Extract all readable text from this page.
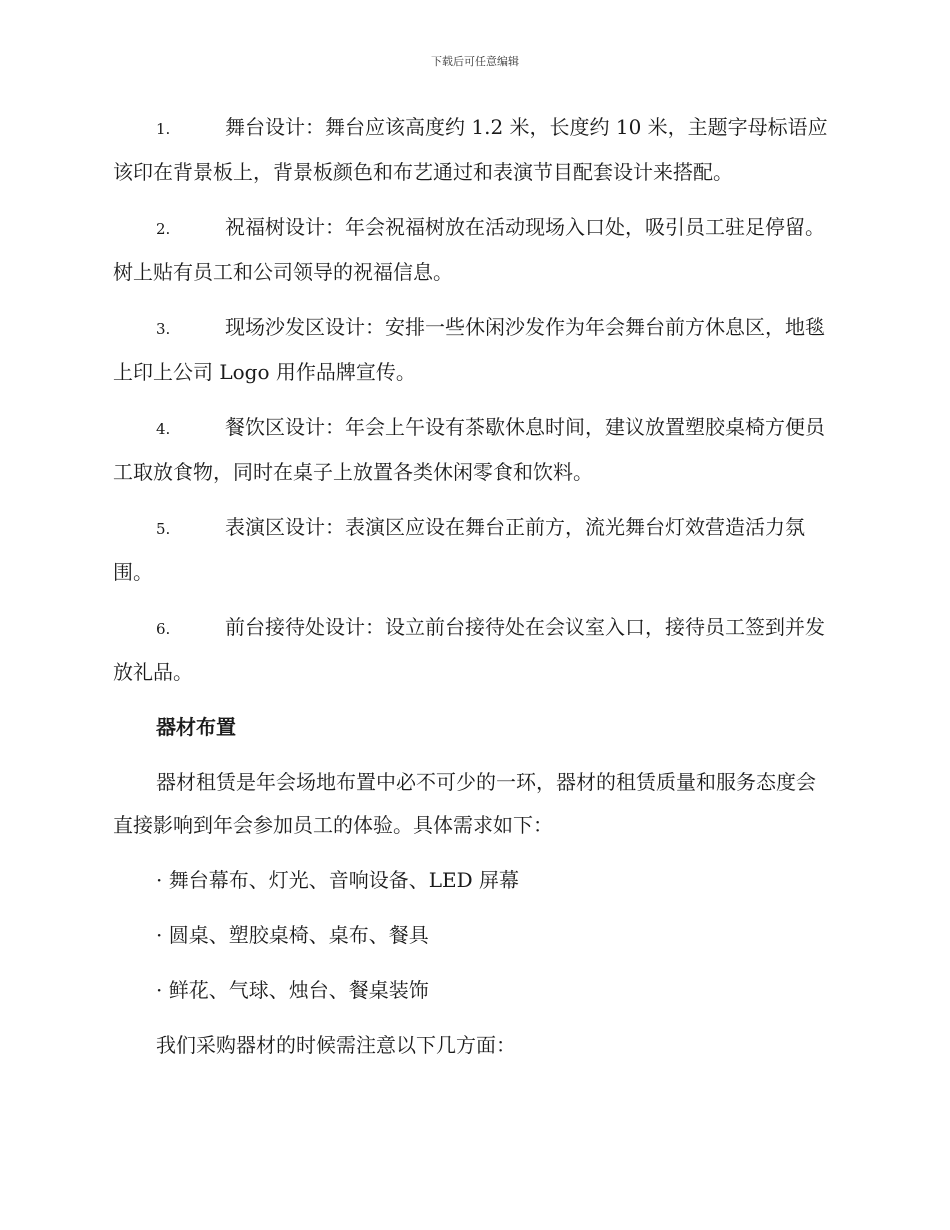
下载后可任意编辑

1.	舞台设计：舞台应该高度约 1.2 米，长度约 10 米，主题字母标语应该印在背景板上，背景板颜色和布艺通过和表演节目配套设计来搭配。

2.	祝福树设计：年会祝福树放在活动现场入口处，吸引员工驻足停留。树上贴有员工和公司领导的祝福信息。

3.	现场沙发区设计：安排一些休闲沙发作为年会舞台前方休息区，地毯上印上公司 Logo 用作品牌宣传。

4.	餐饮区设计：年会上午设有茶歇休息时间，建议放置塑胶桌椅方便员工取放食物，同时在桌子上放置各类休闲零食和饮料。

5.	表演区设计：表演区应设在舞台正前方，流光舞台灯效营造活力氛围。

6.	前台接待处设计：设立前台接待处在会议室入口，接待员工签到并发放礼品。

器材布置

器材租赁是年会场地布置中必不可少的一环，器材的租赁质量和服务态度会直接影响到年会参加员工的体验。具体需求如下：

· 舞台幕布、灯光、音响设备、LED 屏幕

· 圆桌、塑胶桌椅、桌布、餐具

· 鲜花、气球、烛台、餐桌装饰

我们采购器材的时候需注意以下几方面：
